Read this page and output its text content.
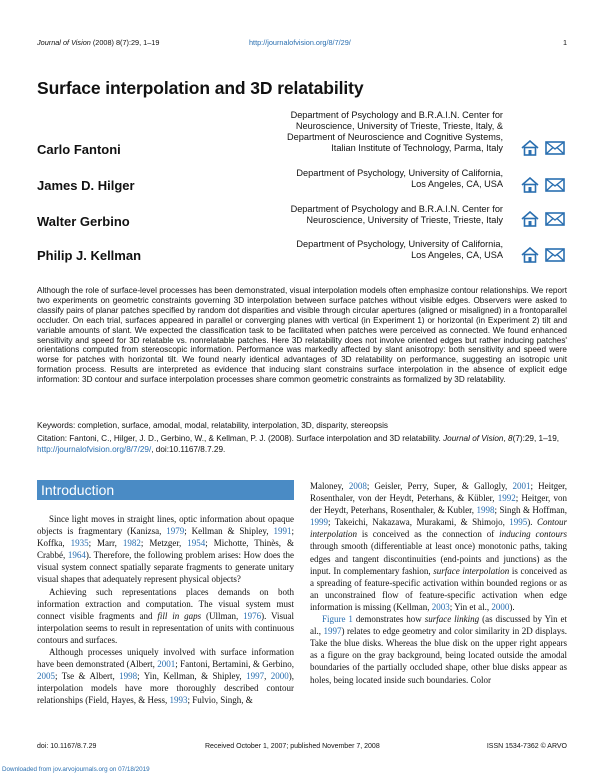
Journal of Vision (2008) 8(7):29, 1–19	http://journalofvision.org/8/7/29/	1
Surface interpolation and 3D relatability
Carlo Fantoni
Department of Psychology and B.R.A.I.N. Center for
Neuroscience, University of Trieste, Trieste, Italy, &
Department of Neuroscience and Cognitive Systems,
Italian Institute of Technology, Parma, Italy
James D. Hilger
Department of Psychology, University of California,
Los Angeles, CA, USA
Walter Gerbino
Department of Psychology and B.R.A.I.N. Center for
Neuroscience, University of Trieste, Trieste, Italy
Philip J. Kellman
Department of Psychology, University of California,
Los Angeles, CA, USA

Although the role of surface-level processes has been demonstrated, visual interpolation models often emphasize contour relationships. We report two experiments on geometric constraints governing 3D interpolation between surface patches without visible edges. Observers were asked to classify pairs of planar patches specified by random dot disparities and visible through circular apertures (aligned or misaligned) in a frontoparallel occluder. On each trial, surfaces appeared in parallel or converging planes with vertical (in Experiment 1) or horizontal (in Experiment 2) tilt and variable amounts of slant. We expected the classification task to be facilitated when patches were perceived as connected. We found enhanced sensitivity and speed for 3D relatable vs. nonrelatable patches. Here 3D relatability does not involve oriented edges but rather inducing patches' orientations computed from stereoscopic information. Performance was markedly affected by slant anisotropy: both sensitivity and speed were worse for patches with horizontal tilt. We found nearly identical advantages of 3D relatability on performance, suggesting an isotropic unit formation process. Results are interpreted as evidence that inducing slant constrains surface interpolation in the absence of explicit edge information: 3D contour and surface interpolation processes share common geometric constraints as formalized by 3D relatability.

Keywords: completion, surface, amodal, modal, relatability, interpolation, 3D, disparity, stereopsis

Citation: Fantoni, C., Hilger, J. D., Gerbino, W., & Kellman, P. J. (2008). Surface interpolation and 3D relatability. Journal of Vision, 8(7):29, 1–19, http://journalofvision.org/8/7/29/, doi:10.1167/8.7.29.

Introduction

Since light moves in straight lines, optic information about opaque objects is fragmentary (Kanizsa, 1979; Kellman & Shipley, 1991; Koffka, 1935; Marr, 1982; Metzger, 1954; Michotte, Thinès, & Crabbé, 1964). Therefore, the following problem arises: How does the visual system connect spatially separate fragments to generate unitary visual shapes that adequately represent physical objects?

Achieving such representations places demands on both information extraction and computation. The visual system must connect visible fragments and fill in gaps (Ullman, 1976). Visual interpolation seems to result in representation of units with continuous contours and surfaces.

Although processes uniquely involved with surface information have been demonstrated (Albert, 2001; Fantoni, Bertamini, & Gerbino, 2005; Tse & Albert, 1998; Yin, Kellman, & Shipley, 1997, 2000), interpolation models have more thoroughly described contour relationships (Field, Hayes, & Hess, 1993; Fulvio, Singh, &

Maloney, 2008; Geisler, Perry, Super, & Gallogly, 2001; Heitger, Rosenthaler, von der Heydt, Peterhans, & Kübler, 1992; Heitger, von der Heydt, Peterhans, Rosenthaler, & Kubler, 1998; Singh & Hoffman, 1999; Takeichi, Nakazawa, Murakami, & Shimojo, 1995). Contour interpolation is conceived as the connection of inducing contours through smooth (differentiable at least once) monotonic paths, taking edges and tangent discontinuities (end-points and junctions) as the input. In complementary fashion, surface interpolation is conceived as a spreading of feature-specific activation within bounded regions or as an unconstrained flow of feature-specific activation when edge information is missing (Kellman, 2003; Yin et al., 2000).

Figure 1 demonstrates how surface linking (as discussed by Yin et al., 1997) relates to edge geometry and color similarity in 2D displays. Take the blue disks. Whereas the blue disk on the upper right appears as a figure on the gray background, being located outside the amodal boundaries of the partially occluded shape, other blue disks appear as holes, being located inside such boundaries. Color

doi: 10.1167/8.7.29	Received October 1, 2007; published November 7, 2008	ISSN 1534-7362 © ARVO
Downloaded from jov.arvojournals.org on 07/18/2019
